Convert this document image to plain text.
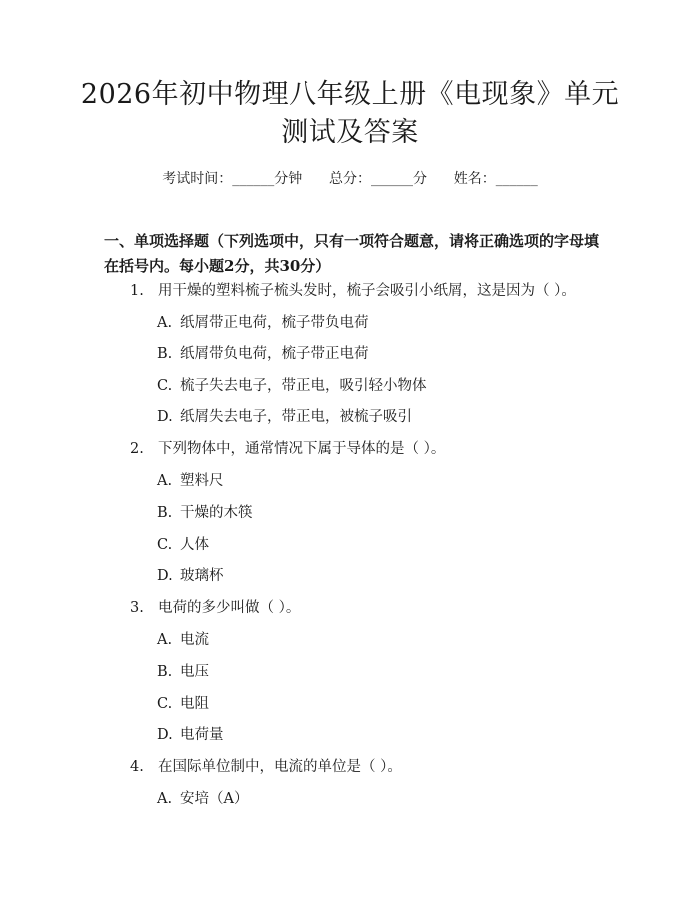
2026年初中物理八年级上册《电现象》单元
测试及答案
考试时间：______分钟      总分：______分      姓名：______

一、单项选择题（下列选项中，只有一项符合题意，请将正确选项的字母填在括号内。每小题2分，共30分）

1. 用干燥的塑料梳子梳头发时，梳子会吸引小纸屑，这是因为（ ）。
A. 纸屑带正电荷，梳子带负电荷
B. 纸屑带负电荷，梳子带正电荷
C. 梳子失去电子，带正电，吸引轻小物体
D. 纸屑失去电子，带正电，被梳子吸引
2. 下列物体中，通常情况下属于导体的是（ ）。
A. 塑料尺
B. 干燥的木筷
C. 人体
D. 玻璃杯
3. 电荷的多少叫做（ ）。
A. 电流
B. 电压
C. 电阻
D. 电荷量
4. 在国际单位制中，电流的单位是（ ）。
A. 安培（A）
